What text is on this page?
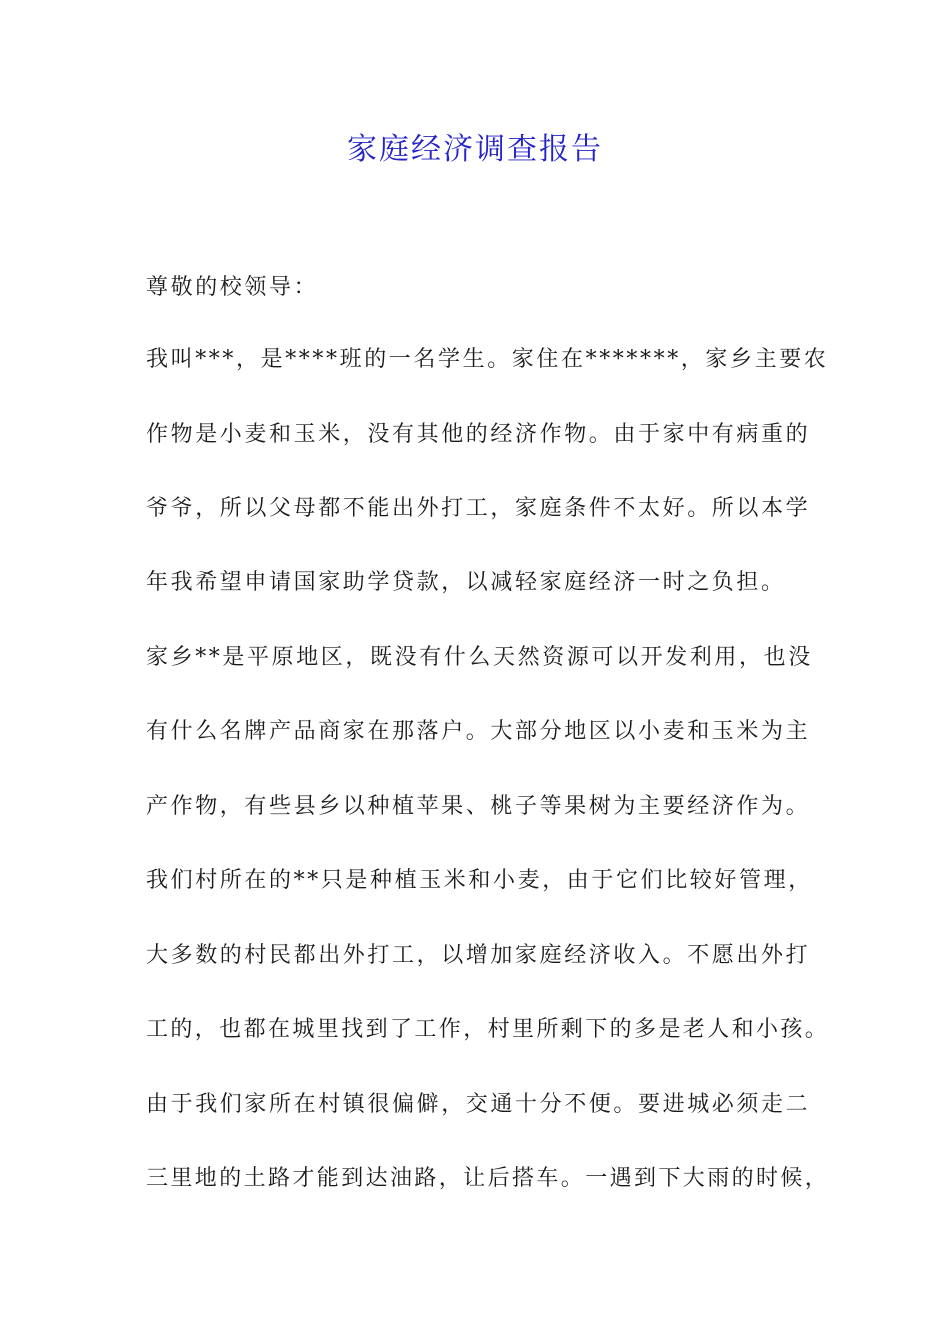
家庭经济调查报告
尊敬的校领导：
我叫***，是****班的一名学生。家住在*******，家乡主要农
作物是小麦和玉米，没有其他的经济作物。由于家中有病重的
爷爷，所以父母都不能出外打工，家庭条件不太好。所以本学
年我希望申请国家助学贷款，以减轻家庭经济一时之负担。
家乡**是平原地区，既没有什么天然资源可以开发利用，也没
有什么名牌产品商家在那落户。大部分地区以小麦和玉米为主
产作物，有些县乡以种植苹果、桃子等果树为主要经济作为。
我们村所在的**只是种植玉米和小麦，由于它们比较好管理，
大多数的村民都出外打工，以增加家庭经济收入。不愿出外打
工的，也都在城里找到了工作，村里所剩下的多是老人和小孩。
由于我们家所在村镇很偏僻，交通十分不便。要进城必须走二
三里地的土路才能到达油路，让后搭车。一遇到下大雨的时候，
